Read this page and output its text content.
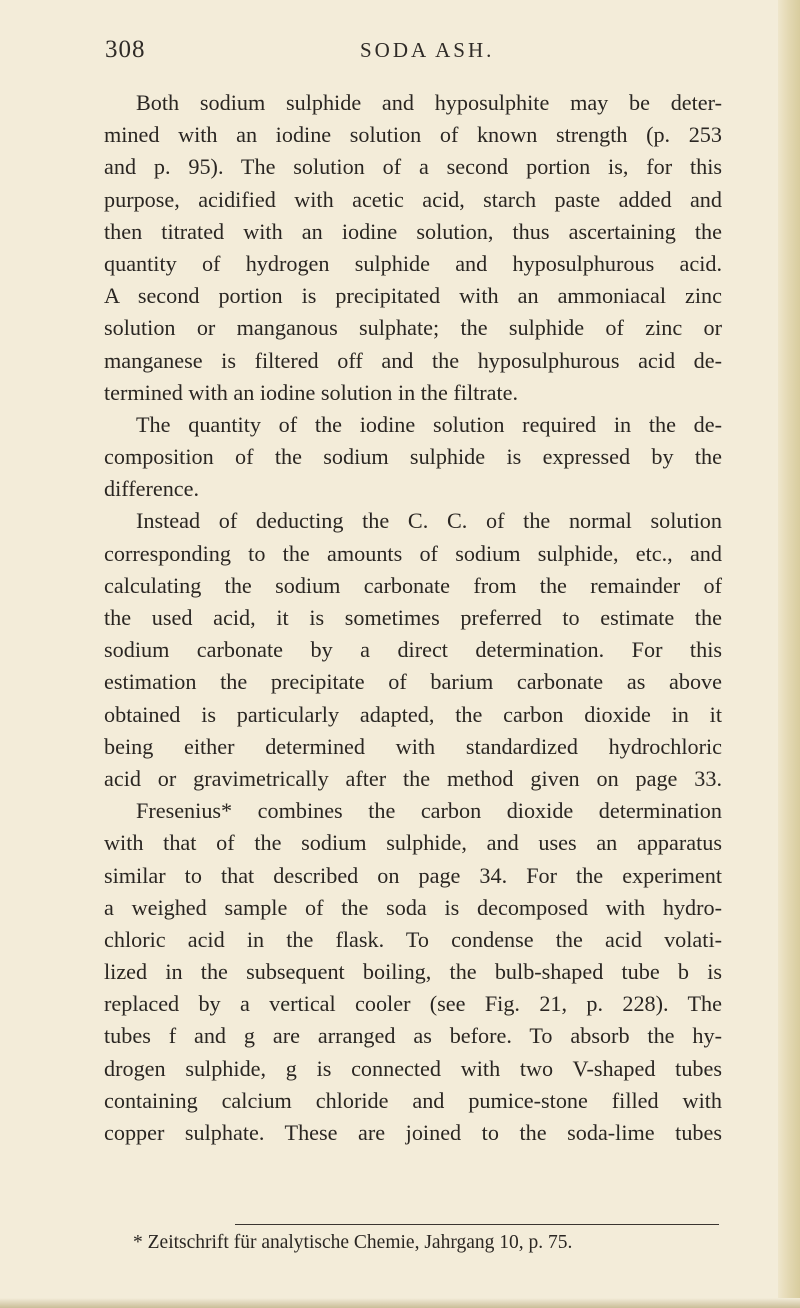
308	SODA ASH.
Both sodium sulphide and hyposulphite may be deter-
mined with an iodine solution of known strength (p. 253
and p. 95). The solution of a second portion is, for this
purpose, acidified with acetic acid, starch paste added and
then titrated with an iodine solution, thus ascertaining the
quantity of hydrogen sulphide and hyposulphurous acid.
A second portion is precipitated with an ammoniacal zinc
solution or manganous sulphate; the sulphide of zinc or
manganese is filtered off and the hyposulphurous acid de-
termined with an iodine solution in the filtrate.
The quantity of the iodine solution required in the de-
composition of the sodium sulphide is expressed by the
difference.
Instead of deducting the C. C. of the normal solution
corresponding to the amounts of sodium sulphide, etc., and
calculating the sodium carbonate from the remainder of
the used acid, it is sometimes preferred to estimate the
sodium carbonate by a direct determination. For this
estimation the precipitate of barium carbonate as above
obtained is particularly adapted, the carbon dioxide in it
being either determined with standardized hydrochloric
acid or gravimetrically after the method given on page 33.
Fresenius* combines the carbon dioxide determination
with that of the sodium sulphide, and uses an apparatus
similar to that described on page 34. For the experiment
a weighed sample of the soda is decomposed with hydro-
chloric acid in the flask. To condense the acid volati-
lized in the subsequent boiling, the bulb-shaped tube b is
replaced by a vertical cooler (see Fig. 21, p. 228). The
tubes f and g are arranged as before. To absorb the hy-
drogen sulphide, g is connected with two V-shaped tubes
containing calcium chloride and pumice-stone filled with
copper sulphate. These are joined to the soda-lime tubes
* Zeitschrift für analytische Chemie, Jahrgang 10, p. 75.
